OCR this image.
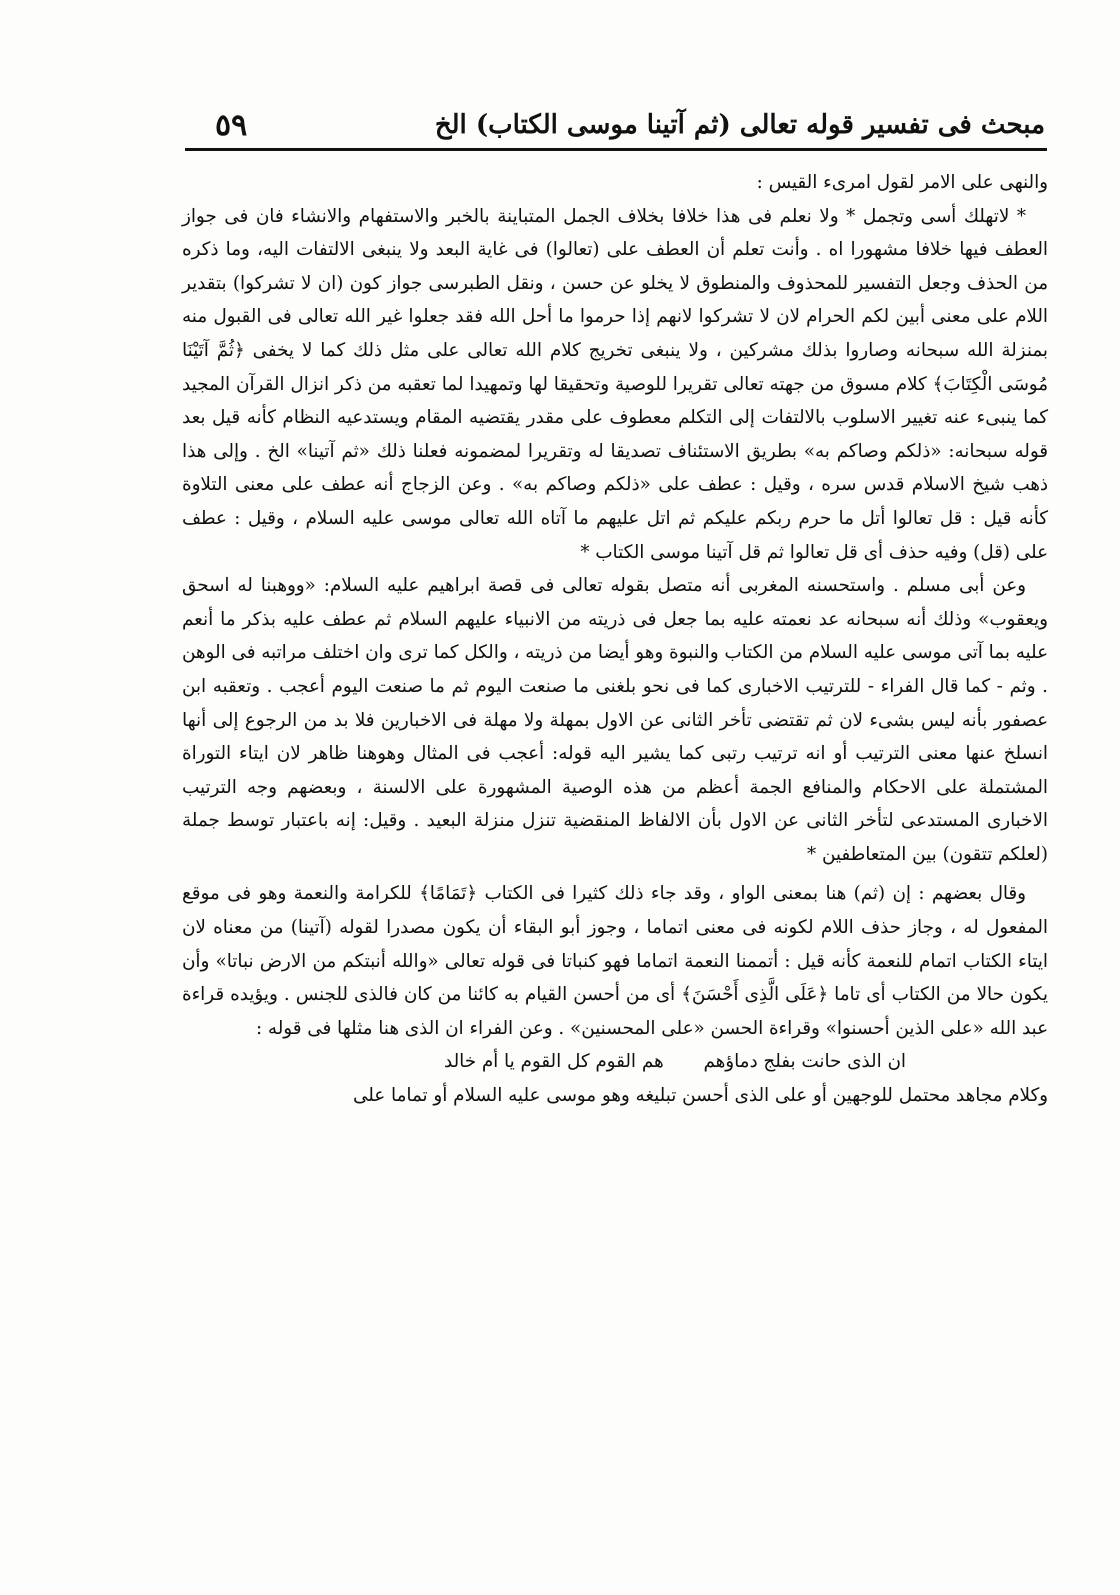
مبحث فى تفسير قوله تعالى (ثم آتينا موسى الكتاب) الخ
٥٩

والنهى على الامر لقول امرىء القيس :

* لاتهلك أسى وتجمل * ولا نعلم فى هذا خلافا بخلاف الجمل المتباينة بالخبر والاستفهام والانشاء فان فى جواز العطف فيها خلافا مشهورا اه . وأنت تعلم أن العطف على (تعالوا) فى غاية البعد ولا ينبغى الالتفات اليه، وما ذكره من الحذف وجعل التفسير للمحذوف والمنطوق لا يخلو عن حسن ، ونقل الطبرسى جواز كون (ان لا تشركوا) بتقدير اللام على معنى أبين لكم الحرام لان لا تشركوا لانهم إذا حرموا ما أحل الله فقد جعلوا غير الله تعالى فى القبول منه بمنزلة الله سبحانه وصاروا بذلك مشركين ، ولا ينبغى تخريج كلام الله تعالى على مثل ذلك كما لا يخفى ﴿ثُمَّ آتَيْنَا مُوسَى الْكِتَابَ﴾ كلام مسوق من جهته تعالى تقريرا للوصية وتحقيقا لها وتمهيدا لما تعقبه من ذكر انزال القرآن المجيد كما ينبىء عنه تغيير الاسلوب بالالتفات إلى التكلم معطوف على مقدر يقتضيه المقام ويستدعيه النظام كأنه قيل بعد قوله سبحانه: «ذلكم وصاكم به» بطريق الاستئناف تصديقا له وتقريرا لمضمونه فعلنا ذلك «ثم آتينا» الخ . وإلى هذا ذهب شيخ الاسلام قدس سره ، وقيل : عطف على «ذلكم وصاكم به» . وعن الزجاج أنه عطف على معنى التلاوة كأنه قيل : قل تعالوا أتل ما حرم ربكم عليكم ثم اتل عليهم ما آتاه الله تعالى موسى عليه السلام ، وقيل : عطف على (قل) وفيه حذف أى قل تعالوا ثم قل آتينا موسى الكتاب *

وعن أبى مسلم . واستحسنه المغربى أنه متصل بقوله تعالى فى قصة ابراهيم عليه السلام: «ووهبنا له اسحق ويعقوب» وذلك أنه سبحانه عد نعمته عليه بما جعل فى ذريته من الانبياء عليهم السلام ثم عطف عليه بذكر ما أنعم عليه بما آتى موسى عليه السلام من الكتاب والنبوة وهو أيضا من ذريته ، والكل كما ترى وان اختلف مراتبه فى الوهن . وثم - كما قال الفراء - للترتيب الاخبارى كما فى نحو بلغنى ما صنعت اليوم ثم ما صنعت اليوم أعجب . وتعقبه ابن عصفور بأنه ليس بشىء لان ثم تقتضى تأخر الثانى عن الاول بمهلة ولا مهلة فى الاخبارين فلا بد من الرجوع إلى أنها انسلخ عنها معنى الترتيب أو انه ترتيب رتبى كما يشير اليه قوله: أعجب فى المثال وهوهنا ظاهر لان ايتاء التوراة المشتملة على الاحكام والمنافع الجمة أعظم من هذه الوصية المشهورة على الالسنة ، وبعضهم وجه الترتيب الاخبارى المستدعى لتأخر الثانى عن الاول بأن الالفاظ المنقضية تنزل منزلة البعيد . وقيل: إنه باعتبار توسط جملة (لعلكم تتقون) بين المتعاطفين *

وقال بعضهم : إن (ثم) هنا بمعنى الواو ، وقد جاء ذلك كثيرا فى الكتاب ﴿تَمَامًا﴾ للكرامة والنعمة وهو فى موقع المفعول له ، وجاز حذف اللام لكونه فى معنى اتماما ، وجوز أبو البقاء أن يكون مصدرا لقوله (آتينا) من معناه لان ايتاء الكتاب اتمام للنعمة كأنه قيل : أتممنا النعمة اتماما فهو كنباتا فى قوله تعالى «والله أنبتكم من الارض نباتا» وأن يكون حالا من الكتاب أى تاما ﴿عَلَى الَّذِى أَحْسَنَ﴾ أى من أحسن القيام به كائنا من كان فالذى للجنس . ويؤيده قراءة عبد الله «على الذين أحسنوا» وقراءة الحسن «على المحسنين» . وعن الفراء ان الذى هنا مثلها فى قوله :

ان الذى حانت بفلج دماؤهم هم القوم كل القوم يا أم خالد

وكلام مجاهد محتمل للوجهين أو على الذى أحسن تبليغه وهو موسى عليه السلام أو تماما على
